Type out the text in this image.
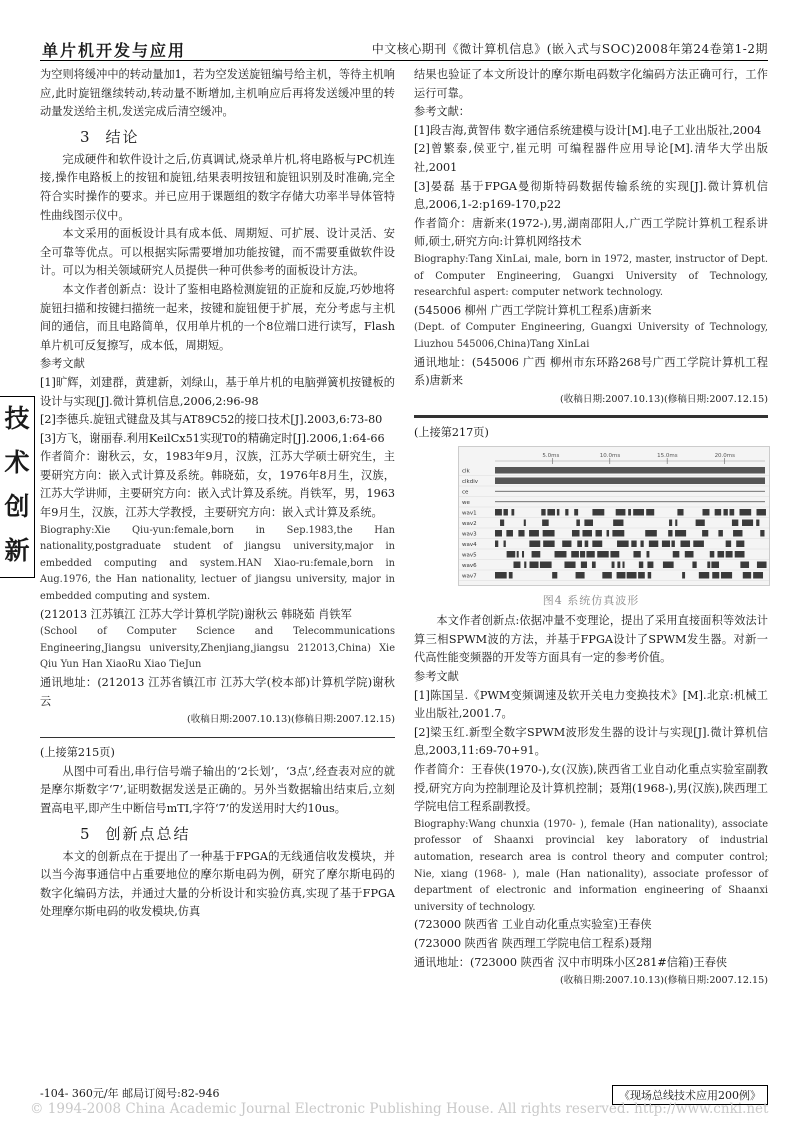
单片机开发与应用	中文核心期刊《微计算机信息》(嵌入式与SOC)2008年第24卷第1-2期
技
术
创
新

为空则将缓冲中的转动量加1，若为空发送旋钮编号给主机，等待主机响应,此时旋钮继续转动,转动量不断增加,主机响应后再将发送缓冲里的转动量发送给主机,发送完成后清空缓冲。

3 结论

完成硬件和软件设计之后,仿真调试,烧录单片机,将电路板与PC机连接,操作电路板上的按钮和旋钮,结果表明按钮和旋钮识别及时准确,完全符合实时操作的要求。并已应用于课题组的数字存储大功率半导体管特性曲线图示仪中。

本文采用的面板设计具有成本低、周期短、可扩展、设计灵活、安全可靠等优点。可以根据实际需要增加功能按键，而不需要重做软件设计。可以为相关领域研究人员提供一种可供参考的面板设计方法。

本文作者创新点：设计了鉴相电路检测旋钮的正旋和反旋,巧妙地将旋钮扫描和按键扫描统一起来，按键和旋钮便于扩展，充分考虑与主机间的通信，而且电路简单，仅用单片机的一个8位端口进行读写，Flash单片机可反复擦写，成本低，周期短。

参考文献

[1]旷辉，刘建群，黄建新，刘绿山，基于单片机的电脑弹簧机按键板的设计与实现[J].微计算机信息,2006,2:96-98

[2]李德兵.旋钮式键盘及其与AT89C52的接口技术[J].2003,6:73-80

[3]方飞，谢丽春.利用KeilCx51实现T0的精确定时[J].2006,1:64-66

作者简介：谢秋云，女，1983年9月，汉族，江苏大学硕士研究生，主要研究方向：嵌入式计算及系统。韩晓茹，女，1976年8月生，汉族，江苏大学讲师，主要研究方向：嵌入式计算及系统。肖铁军，男，1963年9月生，汉族，江苏大学教授，主要研究方向：嵌入式计算及系统。

Biography:Xie Qiu-yun:female,born in Sep.1983,the Han nationality,postgraduate student of jiangsu university,major in embedded computing and system.HAN Xiao-ru:female,born in Aug.1976, the Han nationality, lectuer of jiangsu university, major in embedded computing and system.

(212013 江苏镇江 江苏大学计算机学院)谢秋云 韩晓茹 肖铁军

(School of Computer Science and Telecommunications Engineering,Jiangsu university,Zhenjiang,jiangsu 212013,China) Xie Qiu Yun Han XiaoRu Xiao TieJun

通讯地址：(212013 江苏省镇江市 江苏大学(校本部)计算机学院)谢秋云

(收稿日期:2007.10.13)(修稿日期:2007.12.15)
(上接第215页)

从图中可看出,串行信号端子输出的‘2长划’，‘3点’,经查表对应的就是摩尔斯数字‘7’,证明数据发送是正确的。另外当数据输出结束后,立刻置高电平,即产生中断信号mTI,字符‘7’的发送用时大约10us。

5 创新点总结

本文的创新点在于提出了一种基于FPGA的无线通信收发模块，并以当今海事通信中占重要地位的摩尔斯电码为例，研究了摩尔斯电码的数字化编码方法，并通过大量的分析设计和实验仿真,实现了基于FPGA处理摩尔斯电码的收发模块,仿真

结果也验证了本文所设计的摩尔斯电码数字化编码方法正确可行，工作运行可靠。

参考文献：

[1]段吉海,黄智伟 数字通信系统建模与设计[M].电子工业出版社,2004

[2]曾繁泰,侯亚宁,崔元明 可编程器件应用导论[M].清华大学出版社,2001

[3]晏磊 基于FPGA曼彻斯特码数据传输系统的实现[J].微计算机信息,2006,1-2:p169-170,p22

作者简介：唐新来(1972-),男,湖南邵阳人,广西工学院计算机工程系讲师,硕士,研究方向:计算机网络技术

Biography:Tang XinLai, male, born in 1972, master, instructor of Dept. of Computer Engineering, Guangxi University of Technology, researchful aspert: computer network technology.

(545006 柳州 广西工学院计算机工程系)唐新来

(Dept. of Computer Engineering, Guangxi University of Technology, Liuzhou 545006,China)Tang XinLai

通讯地址：(545006 广西 柳州市东环路268号广西工学院计算机工程系)唐新来

(收稿日期:2007.10.13)(修稿日期:2007.12.15)
(上接第217页)
5.0ms	10.0ms	15.0ms	20.0ms
clk
clkdiv
ce
we
wav1
wav2
wav3
wav4
wav5
wav6
wav7
图4 系统仿真波形

本文作者创新点:依据冲量不变理论，提出了采用直接面积等效法计算三相SPWM波的方法，并基于FPGA设计了SPWM发生器。对新一代高性能变频器的开发等方面具有一定的参考价值。

参考文献

[1]陈国呈.《PWM变频调速及软开关电力变换技术》[M].北京:机械工业出版社,2001.7。

[2]梁玉红.新型全数字SPWM波形发生器的设计与实现[J].微计算机信息,2003,11:69-70+91。

作者简介：王春侠(1970-),女(汉族),陕西省工业自动化重点实验室副教授,研究方向为控制理论及计算机控制；聂翔(1968-),男(汉族),陕西理工学院电信工程系副教授。

Biography:Wang chunxia (1970- ), female (Han nationality), associate professor of Shaanxi provincial key laboratory of industrial automation, research area is control theory and computer control; Nie, xiang (1968- ), male (Han nationality), associate professor of department of electronic and information engineering of Shaanxi university of technology.

(723000 陕西省 工业自动化重点实验室)王春侠

(723000 陕西省 陕西理工学院电信工程系)聂翔

通讯地址：(723000 陕西省 汉中市明珠小区281#信箱)王春侠

(收稿日期:2007.10.13)(修稿日期:2007.12.15)
-104- 360元/年 邮局订阅号:82-946	《现场总线技术应用200例》
© 1994-2008 China Academic Journal Electronic Publishing House. All rights reserved. http://www.cnki.net
